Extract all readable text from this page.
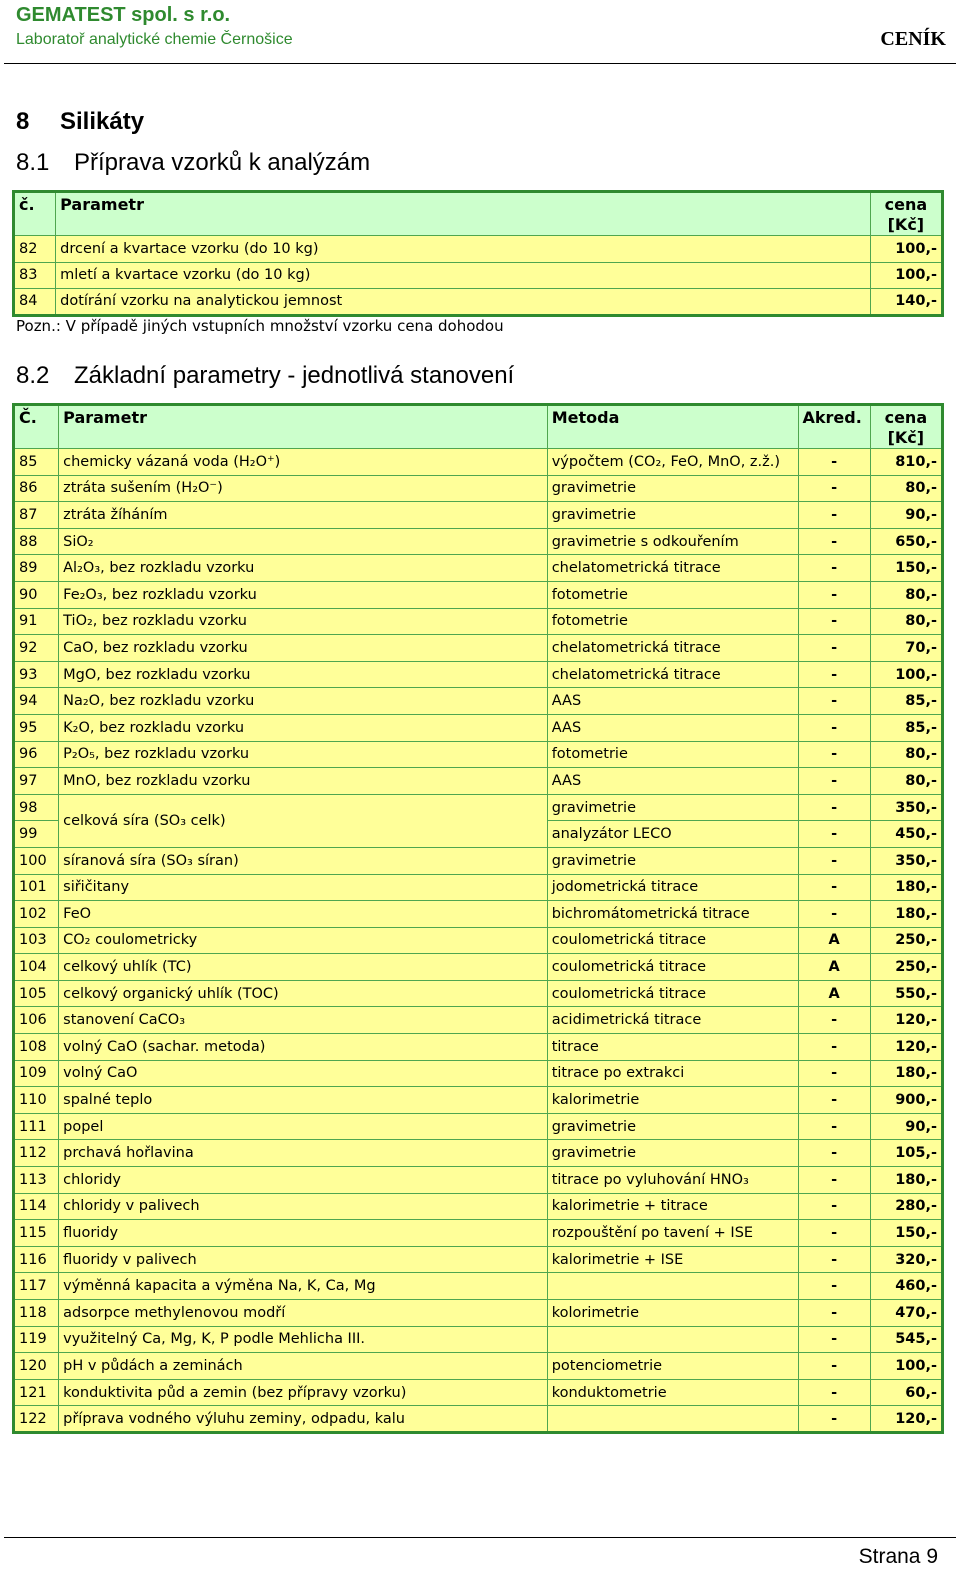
GEMATEST spol. s r.o.
Laboratoř analytické chemie Černošice	CENÍK
8 Silikáty
8.1 Příprava vzorků k analýzám
č.	Parametr	cena [Kč]
82	drcení a kvartace vzorku (do 10 kg)	100,-
83	mletí a kvartace vzorku (do 10 kg)	100,-
84	dotírání vzorku na analytickou jemnost	140,-
Pozn.: V případě jiných vstupních množství vzorku cena dohodou
8.2 Základní parametry - jednotlivá stanovení
Č.	Parametr	Metoda	Akred.	cena [Kč]
85	chemicky vázaná voda (H₂O⁺)	výpočtem (CO₂, FeO, MnO, z.ž.)	-	810,-
86	ztráta sušením (H₂O⁻)	gravimetrie	-	80,-
87	ztráta žíháním	gravimetrie	-	90,-
88	SiO₂	gravimetrie s odkouřením	-	650,-
89	Al₂O₃, bez rozkladu vzorku	chelatometrická titrace	-	150,-
90	Fe₂O₃, bez rozkladu vzorku	fotometrie	-	80,-
91	TiO₂, bez rozkladu vzorku	fotometrie	-	80,-
92	CaO, bez rozkladu vzorku	chelatometrická titrace	-	70,-
93	MgO, bez rozkladu vzorku	chelatometrická titrace	-	100,-
94	Na₂O, bez rozkladu vzorku	AAS	-	85,-
95	K₂O, bez rozkladu vzorku	AAS	-	85,-
96	P₂O₅, bez rozkladu vzorku	fotometrie	-	80,-
97	MnO, bez rozkladu vzorku	AAS	-	80,-
98	celková síra (SO₃ celk)	gravimetrie	-	350,-
99		analyzátor LECO	-	450,-
100	síranová síra (SO₃ síran)	gravimetrie	-	350,-
101	siřičitany	jodometrická titrace	-	180,-
102	FeO	bichromátometrická titrace	-	180,-
103	CO₂ coulometricky	coulometrická titrace	A	250,-
104	celkový uhlík (TC)	coulometrická titrace	A	250,-
105	celkový organický uhlík (TOC)	coulometrická titrace	A	550,-
106	stanovení CaCO₃	acidimetrická titrace	-	120,-
108	volný CaO (sachar. metoda)	titrace	-	120,-
109	volný CaO	titrace po extrakci	-	180,-
110	spalné teplo	kalorimetrie	-	900,-
111	popel	gravimetrie	-	90,-
112	prchavá hořlavina	gravimetrie	-	105,-
113	chloridy	titrace po vyluhování HNO₃	-	180,-
114	chloridy v palivech	kalorimetrie + titrace	-	280,-
115	fluoridy	rozpouštění po tavení + ISE	-	150,-
116	fluoridy v palivech	kalorimetrie + ISE	-	320,-
117	výměnná kapacita a výměna Na, K, Ca, Mg		-	460,-
118	adsorpce methylenovou modří	kolorimetrie	-	470,-
119	využitelný Ca, Mg, K, P podle Mehlicha III.		-	545,-
120	pH v půdách a zeminách	potenciometrie	-	100,-
121	konduktivita půd a zemin (bez přípravy vzorku)	konduktometrie	-	60,-
122	příprava vodného výluhu zeminy, odpadu, kalu		-	120,-
Strana 9
